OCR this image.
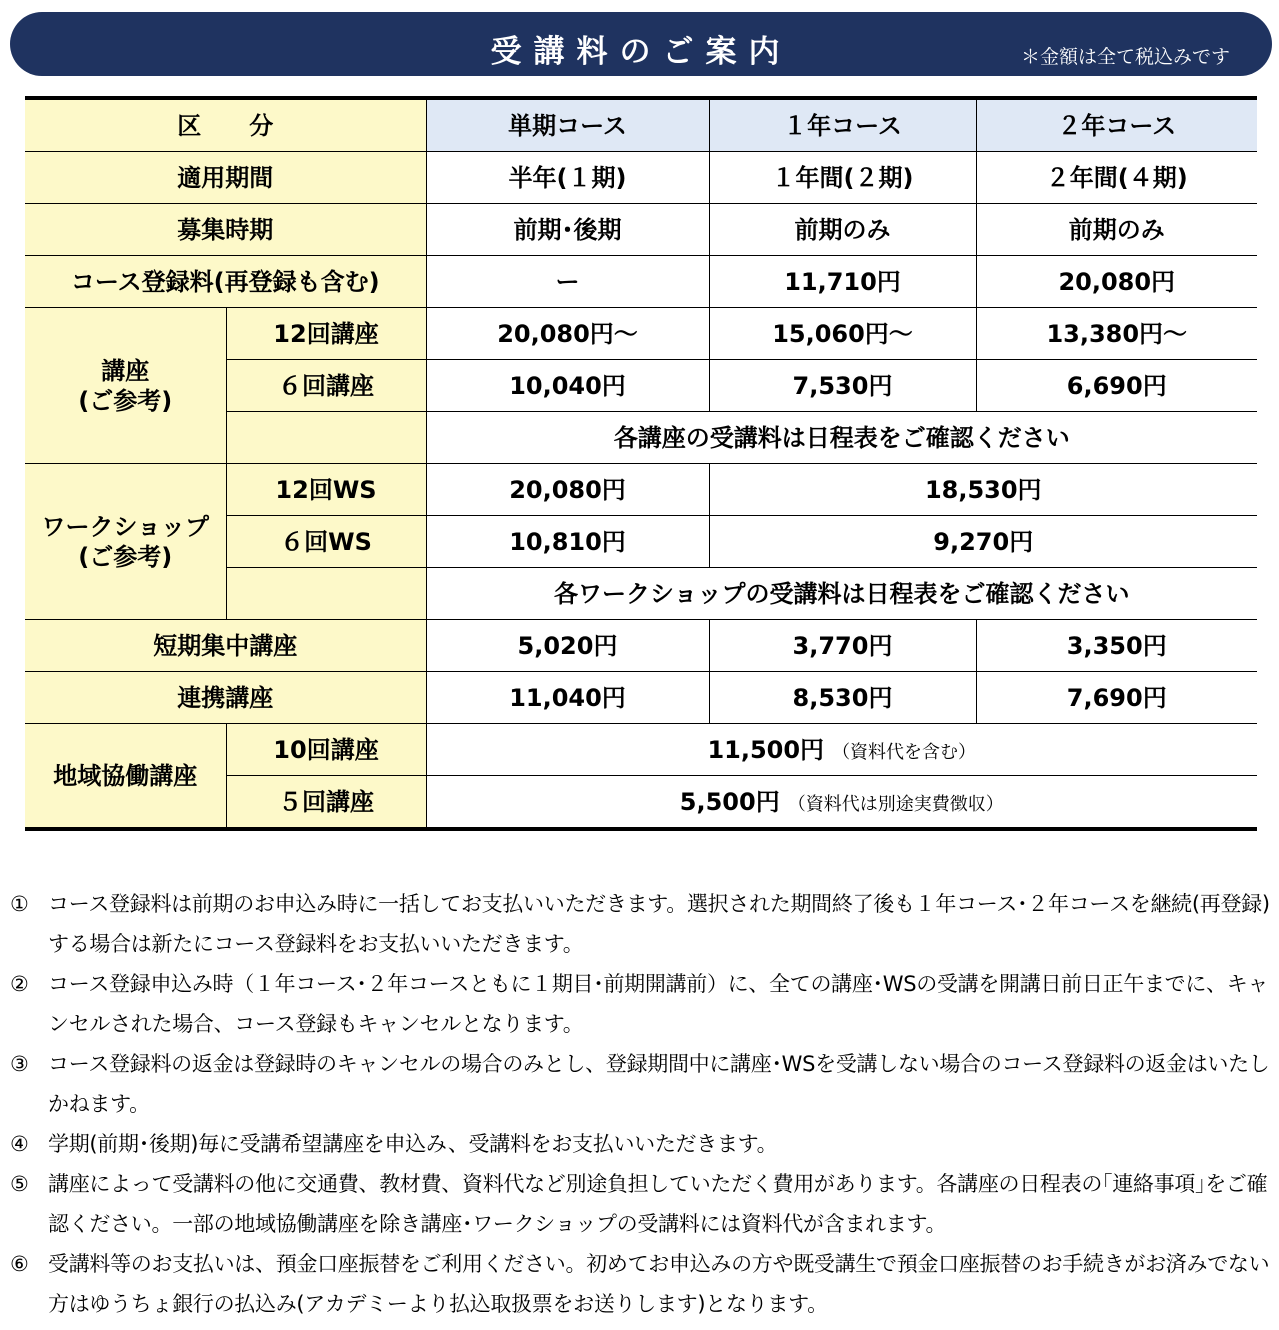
受講料のご案内	＊金額は全て税込みです
区　　分		単期コース	１年コース	２年コース
適用期間		半年(１期)	１年間(２期)	２年間(４期)
募集時期		前期･後期	前期のみ	前期のみ
コース登録料(再登録も含む)		ー	11,710円	20,080円
講座
(ご参考)	12回講座	20,080円～	15,060円～	13,380円～
	６回講座	10,040円	7,530円	6,690円
		各講座の受講料は日程表をご確認ください		
ワークショップ
(ご参考)	12回WS	20,080円	18,530円	
	６回WS	10,810円	9,270円	
		各ワークショップの受講料は日程表をご確認ください		
短期集中講座		5,020円	3,770円	3,350円
連携講座		11,040円	8,530円	7,690円
地域協働講座	10回講座	11,500円 （資料代を含む）		
	５回講座	5,500円 （資料代は別途実費徴収）		
① コース登録料は前期のお申込み時に一括してお支払いいただきます。選択された期間終了後も１年コース･２年コースを継続(再登録)する場合は新たにコース登録料をお支払いいただきます。
② コース登録申込み時（１年コース･２年コースともに１期目･前期開講前）に、全ての講座･WSの受講を開講日前日正午までに、キャンセルされた場合、コース登録もキャンセルとなります。
③ コース登録料の返金は登録時のキャンセルの場合のみとし、登録期間中に講座･WSを受講しない場合のコース登録料の返金はいたしかねます。
④ 学期(前期･後期)毎に受講希望講座を申込み、受講料をお支払いいただきます。
⑤ 講座によって受講料の他に交通費、教材費、資料代など別途負担していただく費用があります。各講座の日程表の｢連絡事項｣をご確認ください。一部の地域協働講座を除き講座･ワークショップの受講料には資料代が含まれます。
⑥ 受講料等のお支払いは、預金口座振替をご利用ください。初めてお申込みの方や既受講生で預金口座振替のお手続きがお済みでない方はゆうちょ銀行の払込み(アカデミーより払込取扱票をお送りします)となります。
